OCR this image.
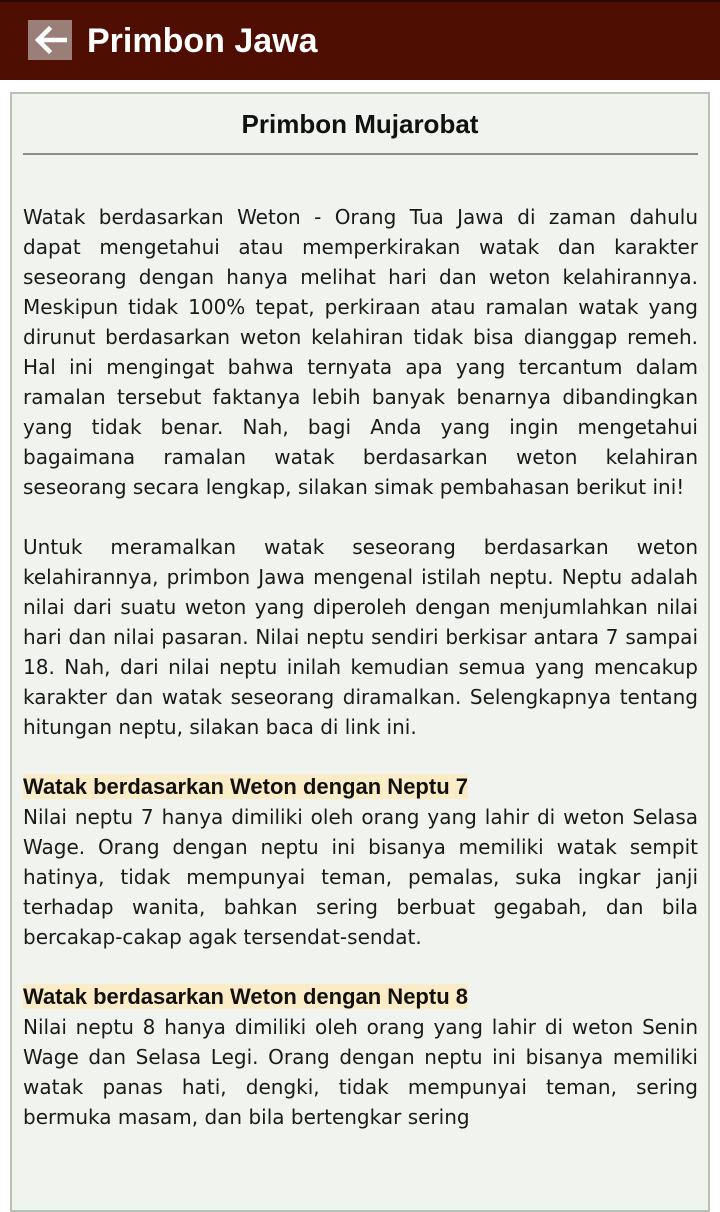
Primbon Jawa
Primbon Mujarobat

Watak berdasarkan Weton - Orang Tua Jawa di zaman dahulu dapat mengetahui atau memperkirakan watak dan karakter seseorang dengan hanya melihat hari dan weton kelahirannya. Meskipun tidak 100% tepat, perkiraan atau ramalan watak yang dirunut berdasarkan weton kelahiran tidak bisa dianggap remeh. Hal ini mengingat bahwa ternyata apa yang tercantum dalam ramalan tersebut faktanya lebih banyak benarnya dibandingkan yang tidak benar. Nah, bagi Anda yang ingin mengetahui bagaimana ramalan watak berdasarkan weton kelahiran seseorang secara lengkap, silakan simak pembahasan berikut ini!

Untuk meramalkan watak seseorang berdasarkan weton kelahirannya, primbon Jawa mengenal istilah neptu. Neptu adalah nilai dari suatu weton yang diperoleh dengan menjumlahkan nilai hari dan nilai pasaran. Nilai neptu sendiri berkisar antara 7 sampai 18. Nah, dari nilai neptu inilah kemudian semua yang mencakup karakter dan watak seseorang diramalkan. Selengkapnya tentang hitungan neptu, silakan baca di link ini.

Watak berdasarkan Weton dengan Neptu 7

Nilai neptu 7 hanya dimiliki oleh orang yang lahir di weton Selasa Wage. Orang dengan neptu ini bisanya memiliki watak sempit hatinya, tidak mempunyai teman, pemalas, suka ingkar janji terhadap wanita, bahkan sering berbuat gegabah, dan bila bercakap-cakap agak tersendat-sendat.

Watak berdasarkan Weton dengan Neptu 8

Nilai neptu 8 hanya dimiliki oleh orang yang lahir di weton Senin Wage dan Selasa Legi. Orang dengan neptu ini bisanya memiliki watak panas hati, dengki, tidak mempunyai teman, sering bermuka masam, dan bila bertengkar sering
